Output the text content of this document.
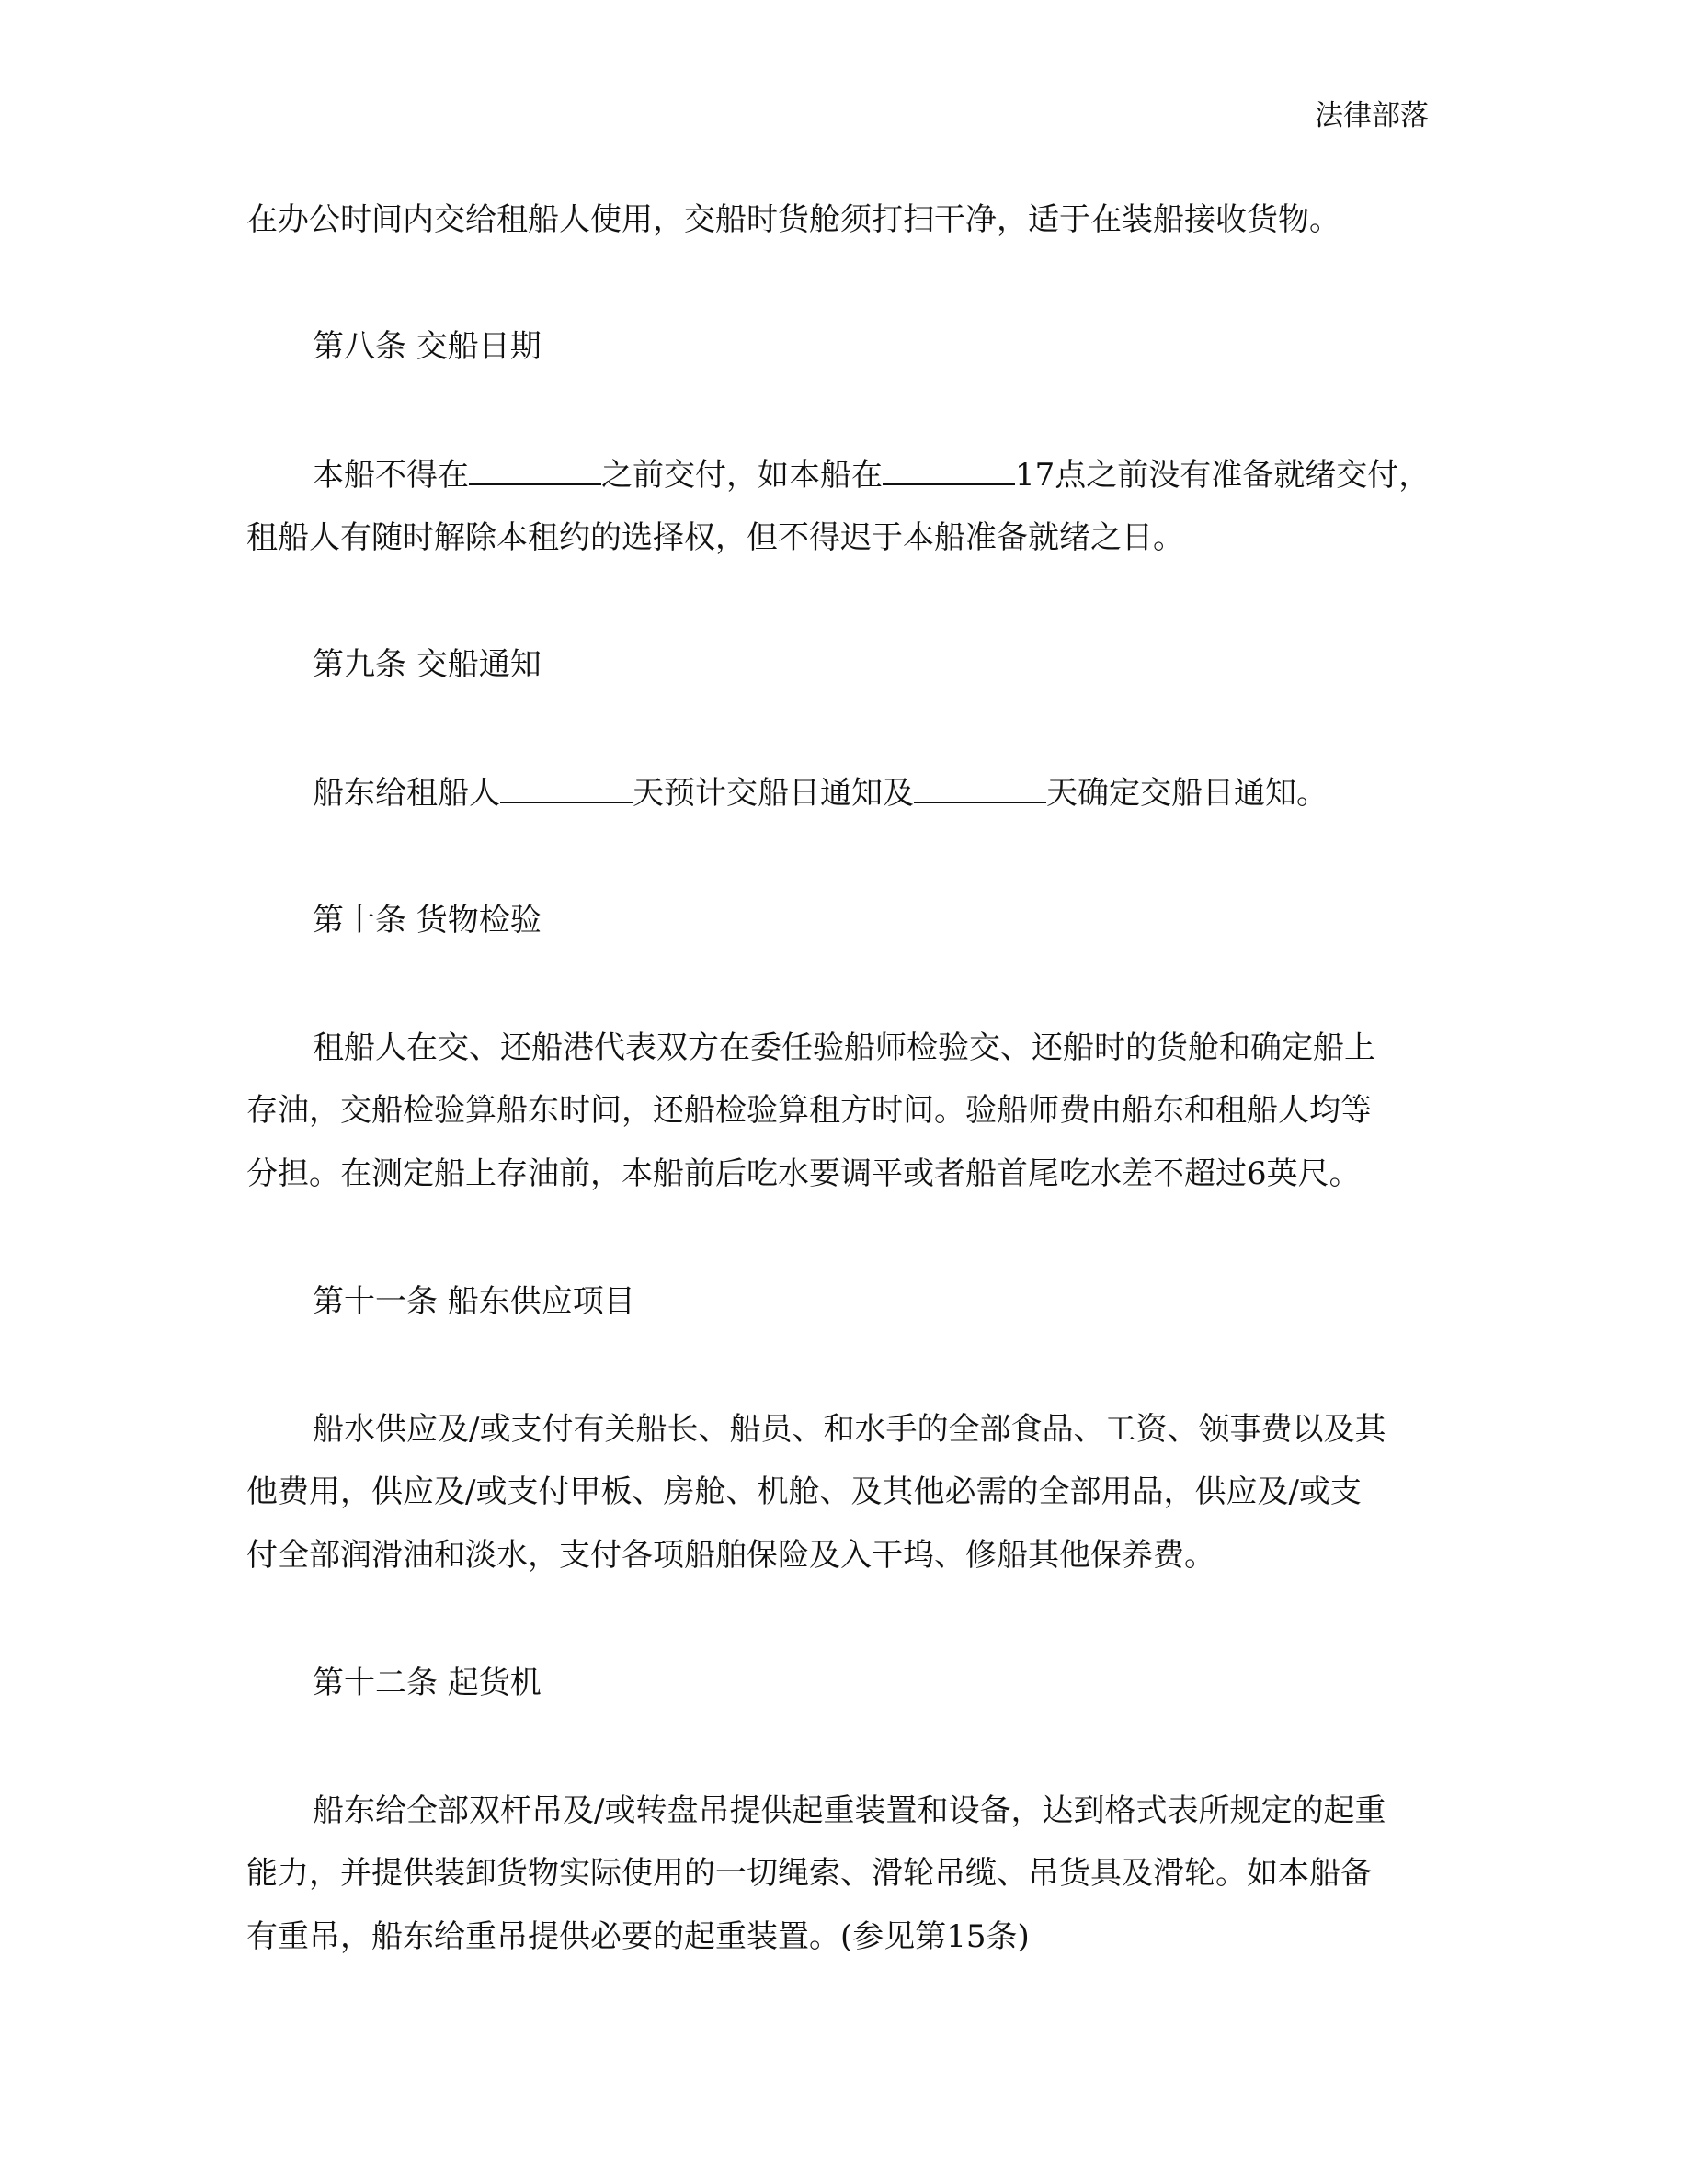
法律部落
在办公时间内交给租船人使用，交船时货舱须打扫干净，适于在装船接收货物。
第八条 交船日期
本船不得在	之前交付，如本船在	17点之前没有准备就绪交付，
租船人有随时解除本租约的选择权，但不得迟于本船准备就绪之日。
第九条 交船通知
船东给租船人	天预计交船日通知及	天确定交船日通知。
第十条 货物检验
租船人在交、还船港代表双方在委任验船师检验交、还船时的货舱和确定船上
存油，交船检验算船东时间，还船检验算租方时间。验船师费由船东和租船人均等
分担。在测定船上存油前，本船前后吃水要调平或者船首尾吃水差不超过6英尺。
第十一条 船东供应项目
船水供应及/或支付有关船长、船员、和水手的全部食品、工资、领事费以及其
他费用，供应及/或支付甲板、房舱、机舱、及其他必需的全部用品，供应及/或支
付全部润滑油和淡水，支付各项船舶保险及入干坞、修船其他保养费。
第十二条 起货机
船东给全部双杆吊及/或转盘吊提供起重装置和设备，达到格式表所规定的起重
能力，并提供装卸货物实际使用的一切绳索、滑轮吊缆、吊货具及滑轮。如本船备
有重吊，船东给重吊提供必要的起重装置。(参见第15条)
